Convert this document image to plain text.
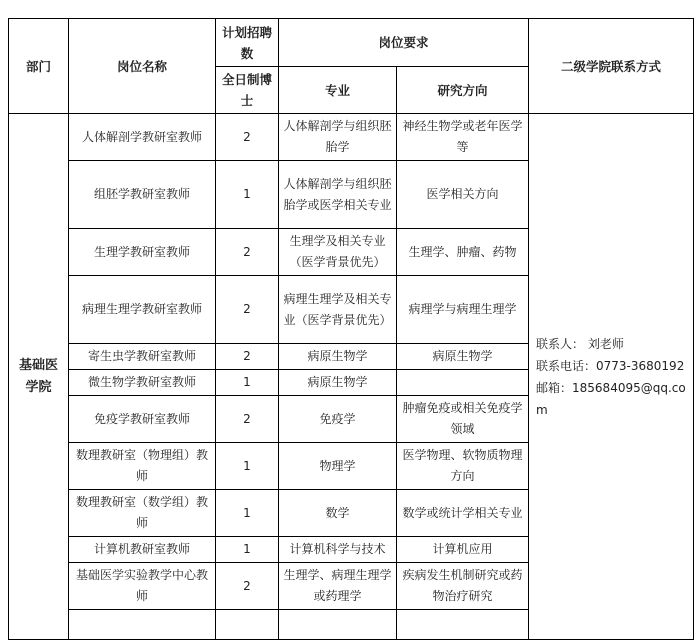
部门	岗位名称	计划招聘数	岗位要求		二级学院联系方式
		全日制博士	专业	研究方向	
基础医学院	人体解剖学教研室教师	2	人体解剖学与组织胚胎学	神经生物学或老年医学等	联系人： 刘老师
联系电话：0773-3680192
邮箱：185684095@qq.com

	组胚学教研室教师	1	人体解剖学与组织胚胎学或医学相关专业	医学相关方向	
	生理学教研室教师	2	生理学及相关专业（医学背景优先）	生理学、肿瘤、药物	
	病理生理学教研室教师	2	病理生理学及相关专业（医学背景优先）	病理学与病理生理学	
	寄生虫学教研室教师	2	病原生物学	病原生物学	
	微生物学教研室教师	1	病原生物学		
	免疫学教研室教师	2	免疫学	肿瘤免疫或相关免疫学领域	
	数理教研室（物理组）教师	1	物理学	医学物理、软物质物理方向	
	数理教研室（数学组）教师	1	数学	数学或统计学相关专业	
	计算机教研室教师	1	计算机科学与技术	计算机应用	
	基础医学实验教学中心教师	2	生理学、病理生理学或药理学	疾病发生机制研究或药物治疗研究	
